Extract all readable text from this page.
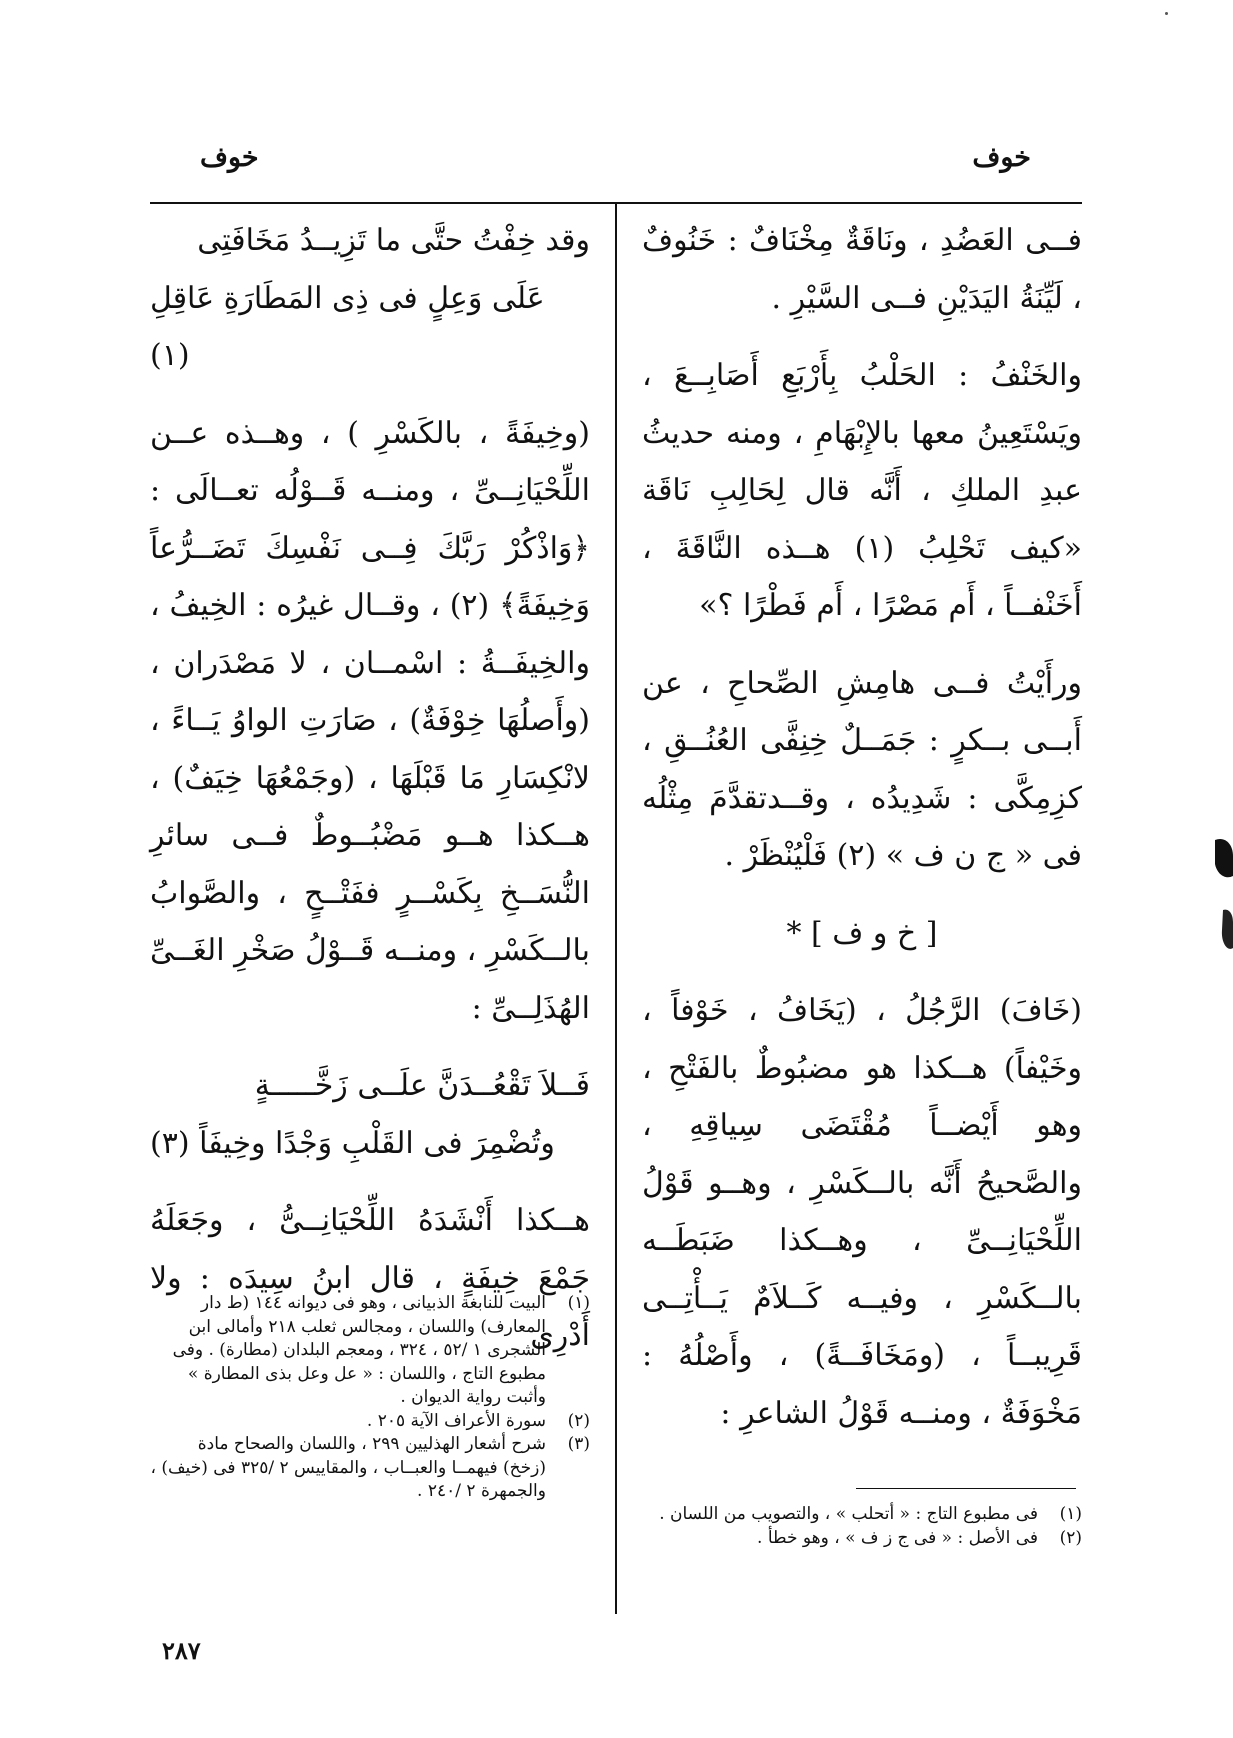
خوف
خوف

فــى العَضُدِ ، ونَاقَةٌ مِخْنَافٌ : خَنُوفٌ ، لَيِّنَةُ اليَدَيْنِ فــى السَّيْرِ .

والخَنْفُ : الحَلْبُ بِأَرْبَعِ أَصَابِــعَ ، ويَسْتَعِينُ معها بالإِبْهَامِ ، ومنه حديثُ عبدِ الملكِ ، أَنَّه قال لِحَالِبِ نَاقَة «كيف تَحْلِبُ (١) هــذه النَّاقَةَ ، أَخَنْفــاً ، أَم مَصْرًا ، أَم فَطْرًا ؟»

ورأَيْتُ فــى هامِشِ الصِّحاحِ ، عن أَبــى بــكرٍ : جَمَــلٌ خِنِفَّى العُنُــقِ ، كزِمِكَّى : شَدِيدُه ، وقــدتقدَّمَ مِثْلُه فى « ج ن ف » (٢) فَلْيُنْظَرْ .

[ خ و ف ] *

(خَافَ) الرَّجُلُ ، (يَخَافُ ، خَوْفاً ، وخَيْفاً) هــكذا هو مضبُوطٌ بالفَتْحِ ، وهو أَيْضــاً مُقْتَضَى سِياقِهِ ، والصَّحيحُ أَنَّه بالــكَسْرِ ، وهــو قَوْلُ اللِّحْيَانِــىِّ ، وهــكذا ضَبَطَــه بالــكَسْرِ ، وفيــه كَــلاَمٌ يَــأْتِــى قَرِيبــاً ، (ومَخَافَــةً) ، وأَصْلُهُ : مَخْوَفَةٌ ، ومنــه قَوْلُ الشاعرِ :

وقد خِفْتُ حتَّى ما تَزِيــدُ مَخَافَتِى

عَلَى وَعِلٍ فى ذِى المَطَارَةِ عَاقِلِ (١)

(وخِيفَةً ، بالكَسْرِ ) ، وهــذه عــن اللِّحْيَانِــىِّ ، ومنــه قَــوْلُه تعــالَى : ﴿وَاذْكُرْ رَبَّكَ فِــى نَفْسِكَ تَضَــرُّعاً وَخِيفَةً﴾ (٢) ، وقــال غيرُه : الخِيفُ ، والخِيفَــةُ : اسْمــان ، لا مَصْدَران ، (وأَصلُهَا خِوْفَةٌ) ، صَارَتِ الواوُ يَــاءً ، لانْكِسَارِ مَا قَبْلَهَا ، (وجَمْعُهَا خِيَفٌ) ، هــكذا هــو مَضْبُــوطٌ فــى سائرِ النُّسَــخِ بِكَسْــرٍ ففَتْــحٍ ، والصَّوابُ بالــكَسْرِ ، ومنــه قَــوْلُ صَخْرِ الغَــىِّ الهُذَلِــىِّ :

فَــلاَ تَقْعُــدَنَّ علَــى زَخَّـــــةٍ

وتُضْمِرَ فى القَلْبِ وَجْدًا وخِيفَاً (٣)

هــكذا أَنْشَدَهُ اللِّحْيَانِــىُّ ، وجَعَلَهُ جَمْعَ خِيفَةٍ ، قال ابنُ سِيدَه : ولا أَدْرِى

(١)
فى مطبوع التاج : « أتحلب » ، والتصويب من اللسان .
(٢)
فى الأصل : « فى ج ز ف » ، وهو خطأ .
(١)
البيت للنابغة الذبيانى ، وهو فى ديوانه ١٤٤ (ط دار المعارف) واللسان ، ومجالس ثعلب ٢١٨ وأمالى ابن الشجرى ١ /٥٢ ، ٣٢٤ ، ومعجم البلدان (مطارة) . وفى مطبوع التاج ، واللسان : « عل وعل بذى المطارة » وأثبت رواية الديوان .
(٢)
سورة الأعراف الآية ٢٠٥ .
(٣)
شرح أشعار الهذليين ٢٩٩ ، واللسان والصحاح مادة (زخخ) فيهمــا والعبــاب ، والمقاييس ٢ /٣٢٥ فى (خيف) ، والجمهرة ٢ /٢٤٠ .
٢٨٧
